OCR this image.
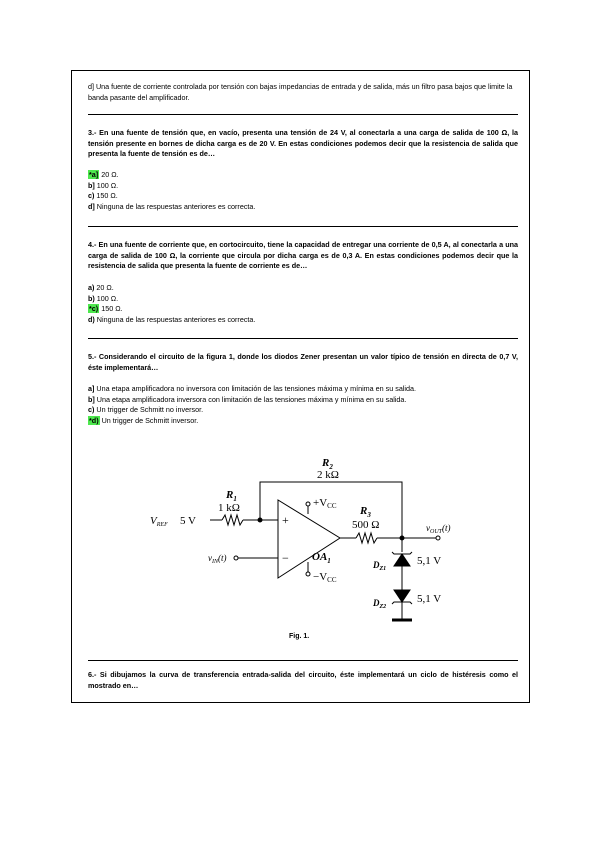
d] Una fuente de corriente controlada por tensión con bajas impedancias de entrada y de salida, más un filtro pasa bajos que limite la banda pasante del amplificador.
3.- En una fuente de tensión que, en vacío, presenta una tensión de 24 V, al conectarla a una carga de salida de 100 Ω, la tensión presente en bornes de dicha carga es de 20 V. En estas condiciones podemos decir que la resistencia de salida que presenta la fuente de tensión es de…
*a] 20 Ω.
b] 100 Ω.
c) 150 Ω.
d] Ninguna de las respuestas anteriores es correcta.
4.- En una fuente de corriente que, en cortocircuito, tiene la capacidad de entregar una corriente de 0,5 A, al conectarla a una carga de salida de 100 Ω, la corriente que circula por dicha carga es de 0,3 A. En estas condiciones podemos decir que la resistencia de salida que presenta la fuente de corriente es de…
a) 20 Ω.
b) 100 Ω.
*c) 150 Ω.
d) Ninguna de las respuestas anteriores es correcta.
5.- Considerando el circuito de la figura 1, donde los diodos Zener presentan un valor típico de tensión en directa de 0,7 V, éste implementará…
a] Una etapa amplificadora no inversora con limitación de las tensiones máxima y mínima en su salida.
b] Una etapa amplificadora inversora con limitación de las tensiones máxima y mínima en su salida.
c) Un trigger de Schmitt no inversor.
*d) Un trigger de Schmitt inversor.
$R_2$
2 kΩ
$R_1$
1 kΩ	$R_3$
500 Ω
VREF 5 V
$v_{IN}(t)$
$v_{OUT}(t)$
+VCC
−VCC
+
− $OA_1$	$D_{Z1}$
5,1 V
$D_{Z2}$
5,1 V
Fig. 1.
6.- Si dibujamos la curva de transferencia entrada-salida del circuito, éste implementará un ciclo de histéresis como el mostrado en…
